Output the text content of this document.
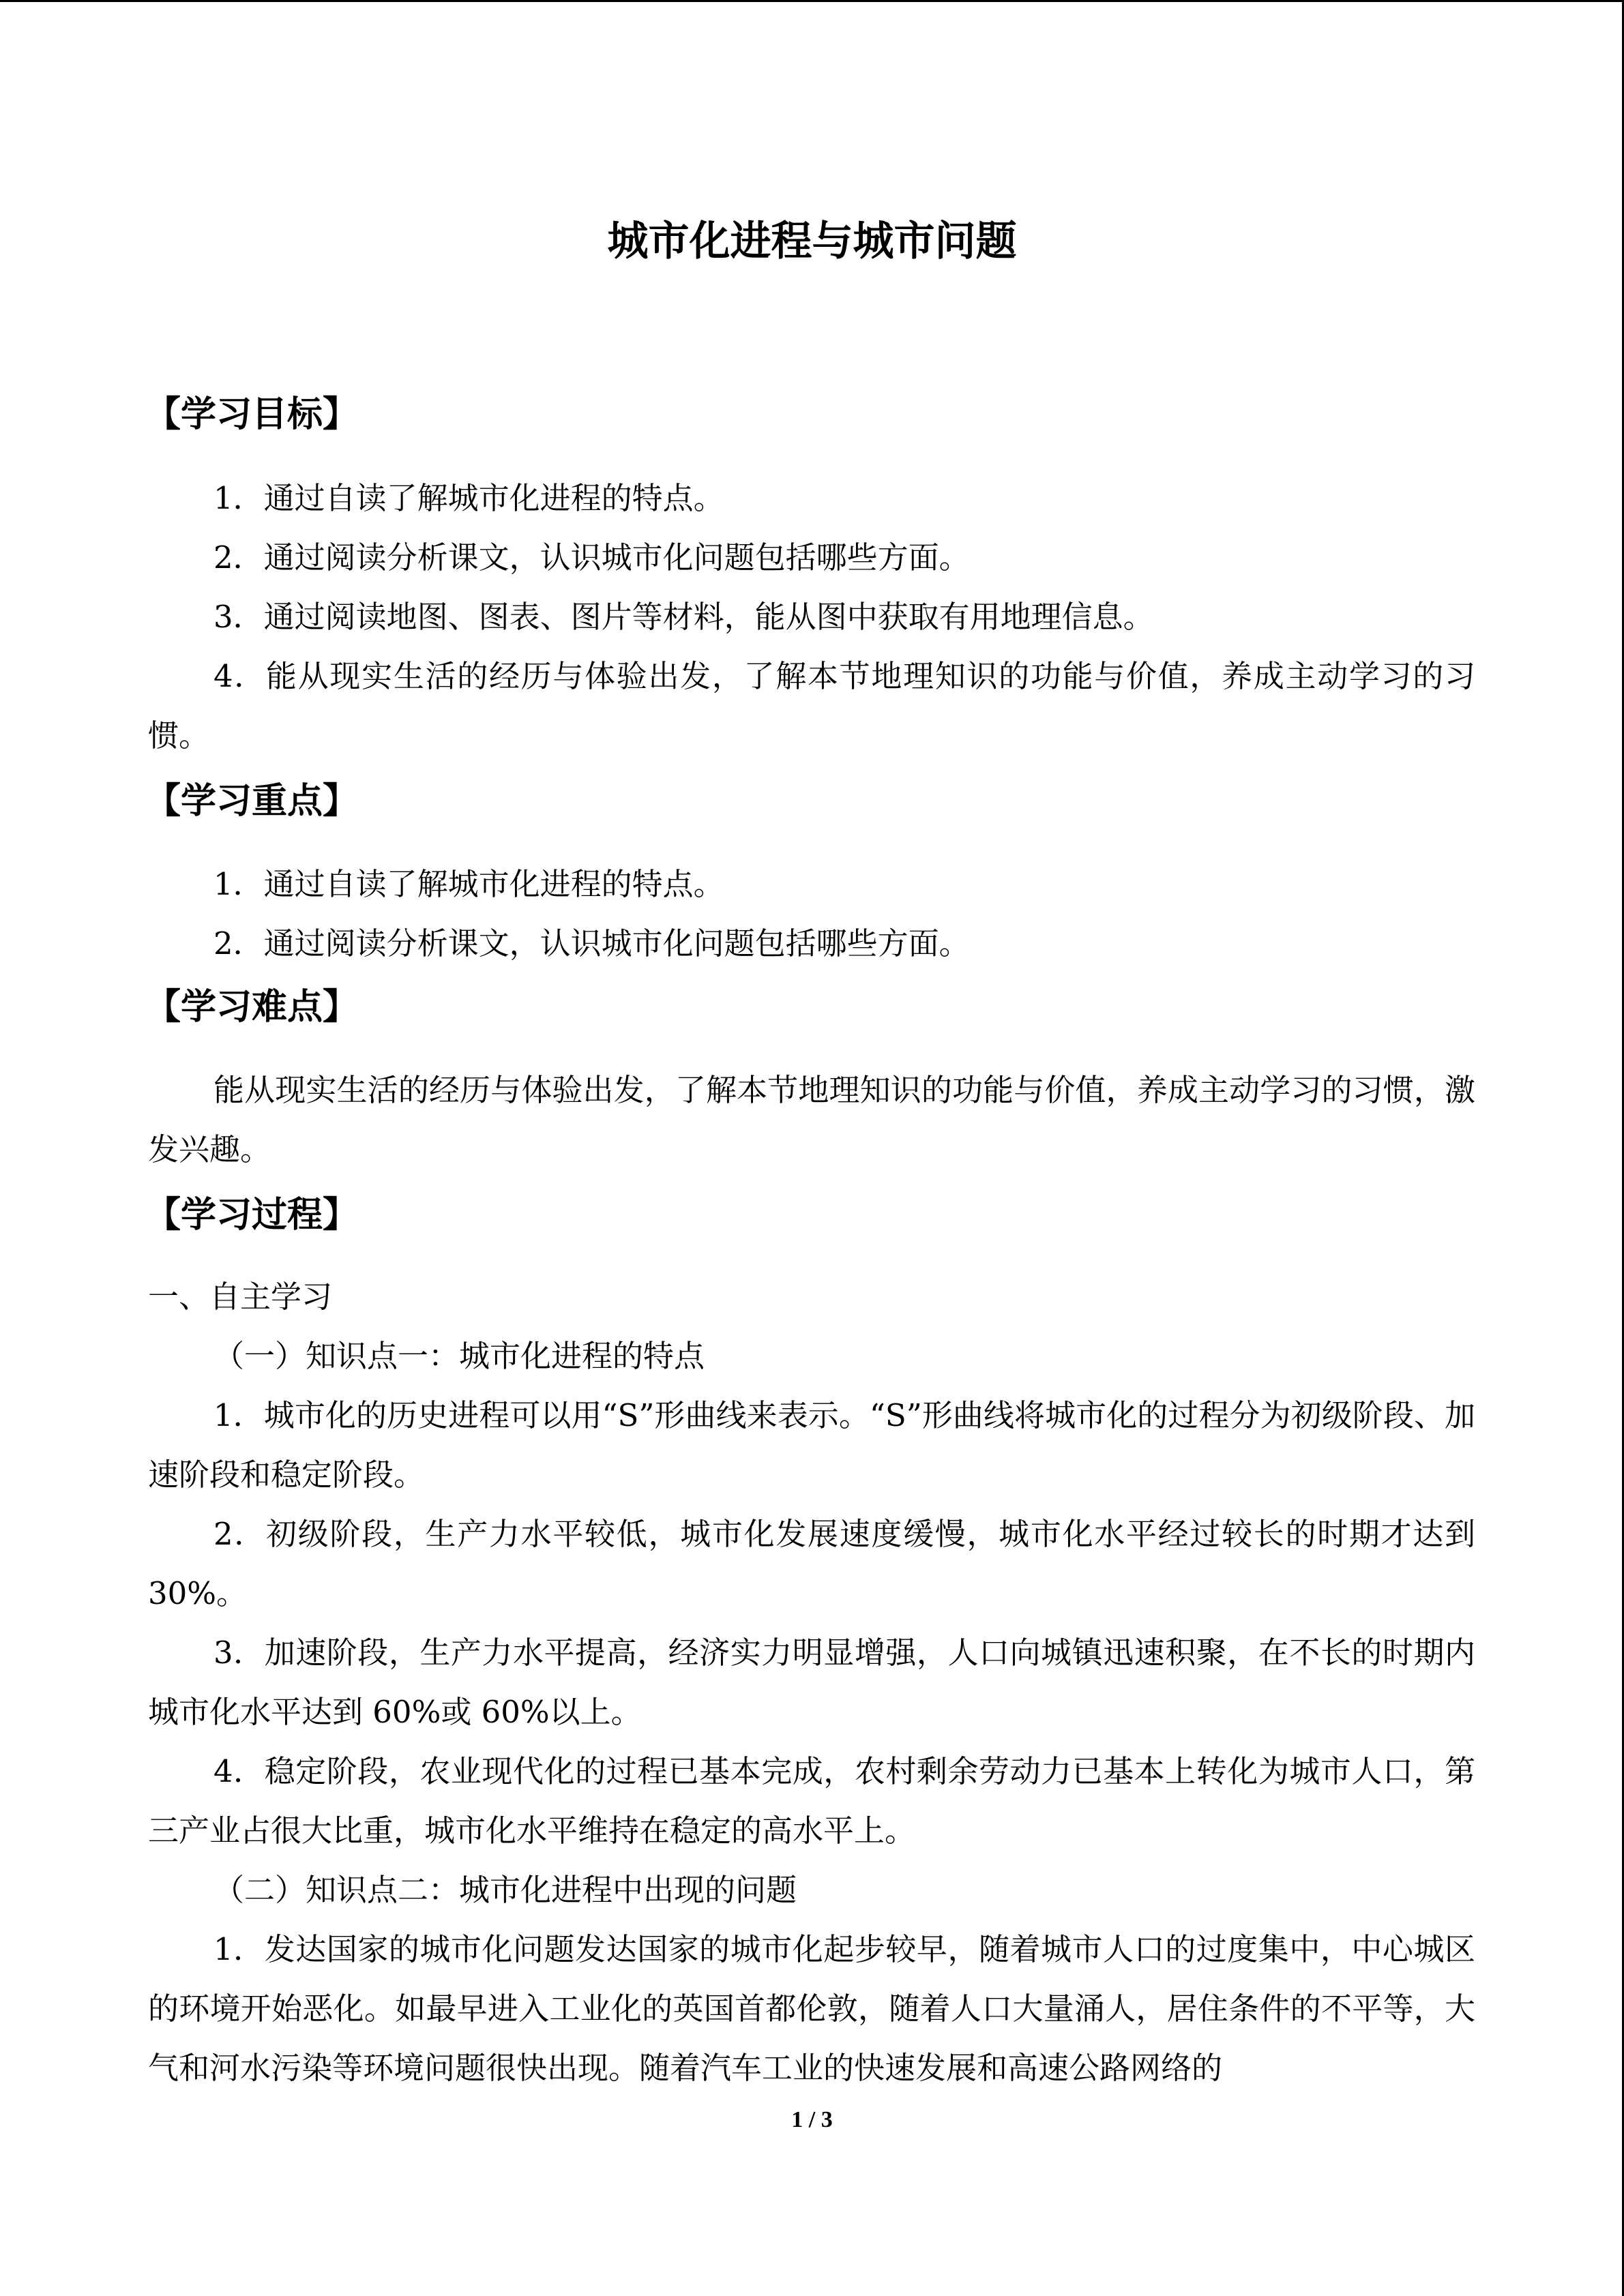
城市化进程与城市问题
【学习目标】
1．通过自读了解城市化进程的特点。
2．通过阅读分析课文，认识城市化问题包括哪些方面。
3．通过阅读地图、图表、图片等材料，能从图中获取有用地理信息。
4．能从现实生活的经历与体验出发，了解本节地理知识的功能与价值，养成主动学习的习惯。
【学习重点】
1．通过自读了解城市化进程的特点。
2．通过阅读分析课文，认识城市化问题包括哪些方面。
【学习难点】
能从现实生活的经历与体验出发，了解本节地理知识的功能与价值，养成主动学习的习惯，激发兴趣。
【学习过程】
一、自主学习
（一）知识点一：城市化进程的特点
1．城市化的历史进程可以用“S”形曲线来表示。“S”形曲线将城市化的过程分为初级阶段、加速阶段和稳定阶段。
2．初级阶段，生产力水平较低，城市化发展速度缓慢，城市化水平经过较长的时期才达到 30%。
3．加速阶段，生产力水平提高，经济实力明显增强，人口向城镇迅速积聚，在不长的时期内城市化水平达到 60%或 60%以上。
4．稳定阶段，农业现代化的过程已基本完成，农村剩余劳动力已基本上转化为城市人口，第三产业占很大比重，城市化水平维持在稳定的高水平上。
（二）知识点二：城市化进程中出现的问题
1．发达国家的城市化问题发达国家的城市化起步较早，随着城市人口的过度集中，中心城区的环境开始恶化。如最早进入工业化的英国首都伦敦，随着人口大量涌人，居住条件的不平等，大气和河水污染等环境问题很快出现。随着汽车工业的快速发展和高速公路网络的
1 / 3
